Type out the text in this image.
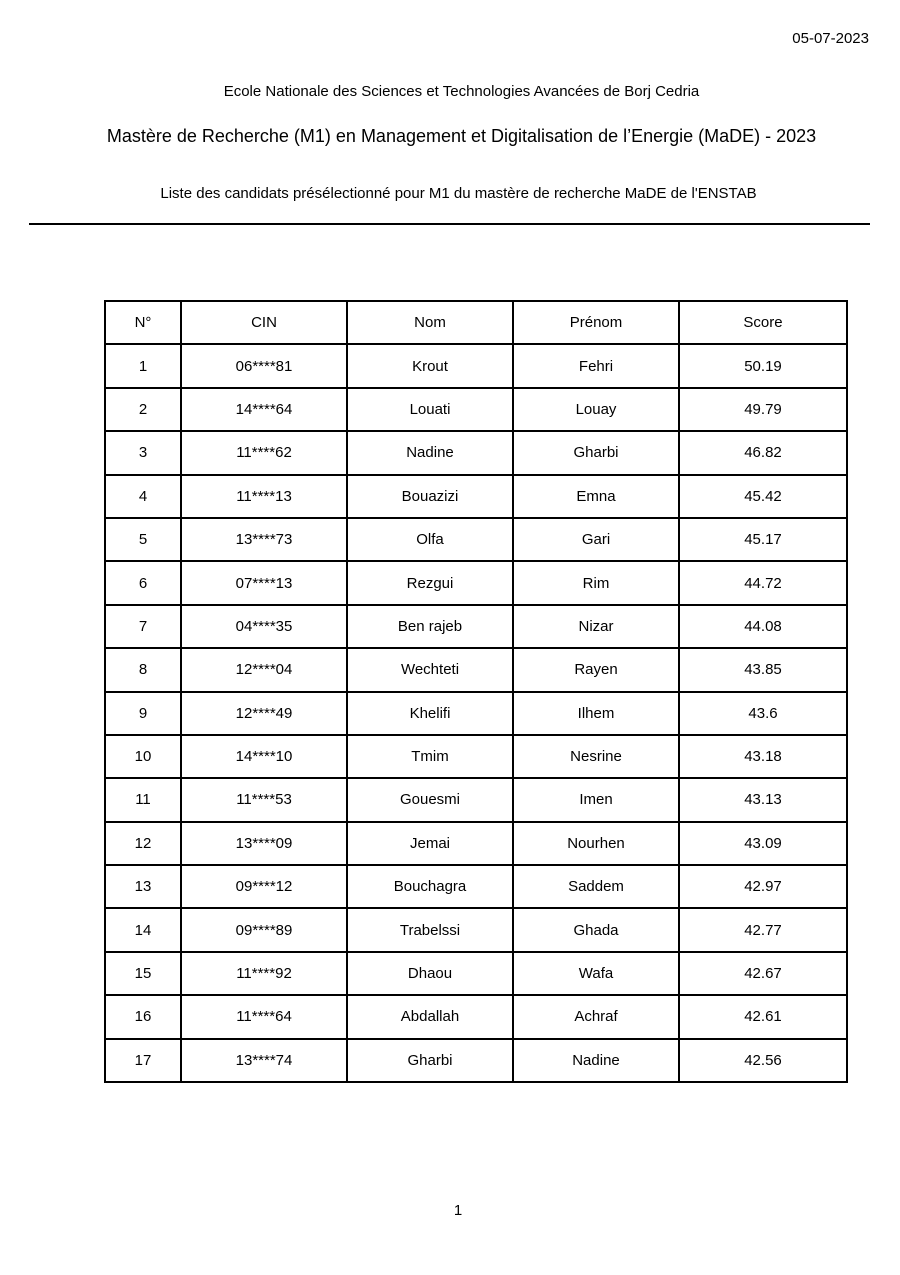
05-07-2023
Ecole Nationale des Sciences et Technologies Avancées de Borj Cedria
Mastère de Recherche (M1) en Management et Digitalisation de l’Energie (MaDE) - 2023
Liste des candidats présélectionné pour M1 du mastère de recherche MaDE de l'ENSTAB
N°	CIN	Nom	Prénom	Score
1	06****81	Krout	Fehri	50.19
2	14****64	Louati	Louay	49.79
3	11****62	Nadine	Gharbi	46.82
4	11****13	Bouazizi	Emna	45.42
5	13****73	Olfa	Gari	45.17
6	07****13	Rezgui	Rim	44.72
7	04****35	Ben rajeb	Nizar	44.08
8	12****04	Wechteti	Rayen	43.85
9	12****49	Khelifi	Ilhem	43.6
10	14****10	Tmim	Nesrine	43.18
11	11****53	Gouesmi	Imen	43.13
12	13****09	Jemai	Nourhen	43.09
13	09****12	Bouchagra	Saddem	42.97
14	09****89	Trabelssi	Ghada	42.77
15	11****92	Dhaou	Wafa	42.67
16	11****64	Abdallah	Achraf	42.61
17	13****74	Gharbi	Nadine	42.56
1
